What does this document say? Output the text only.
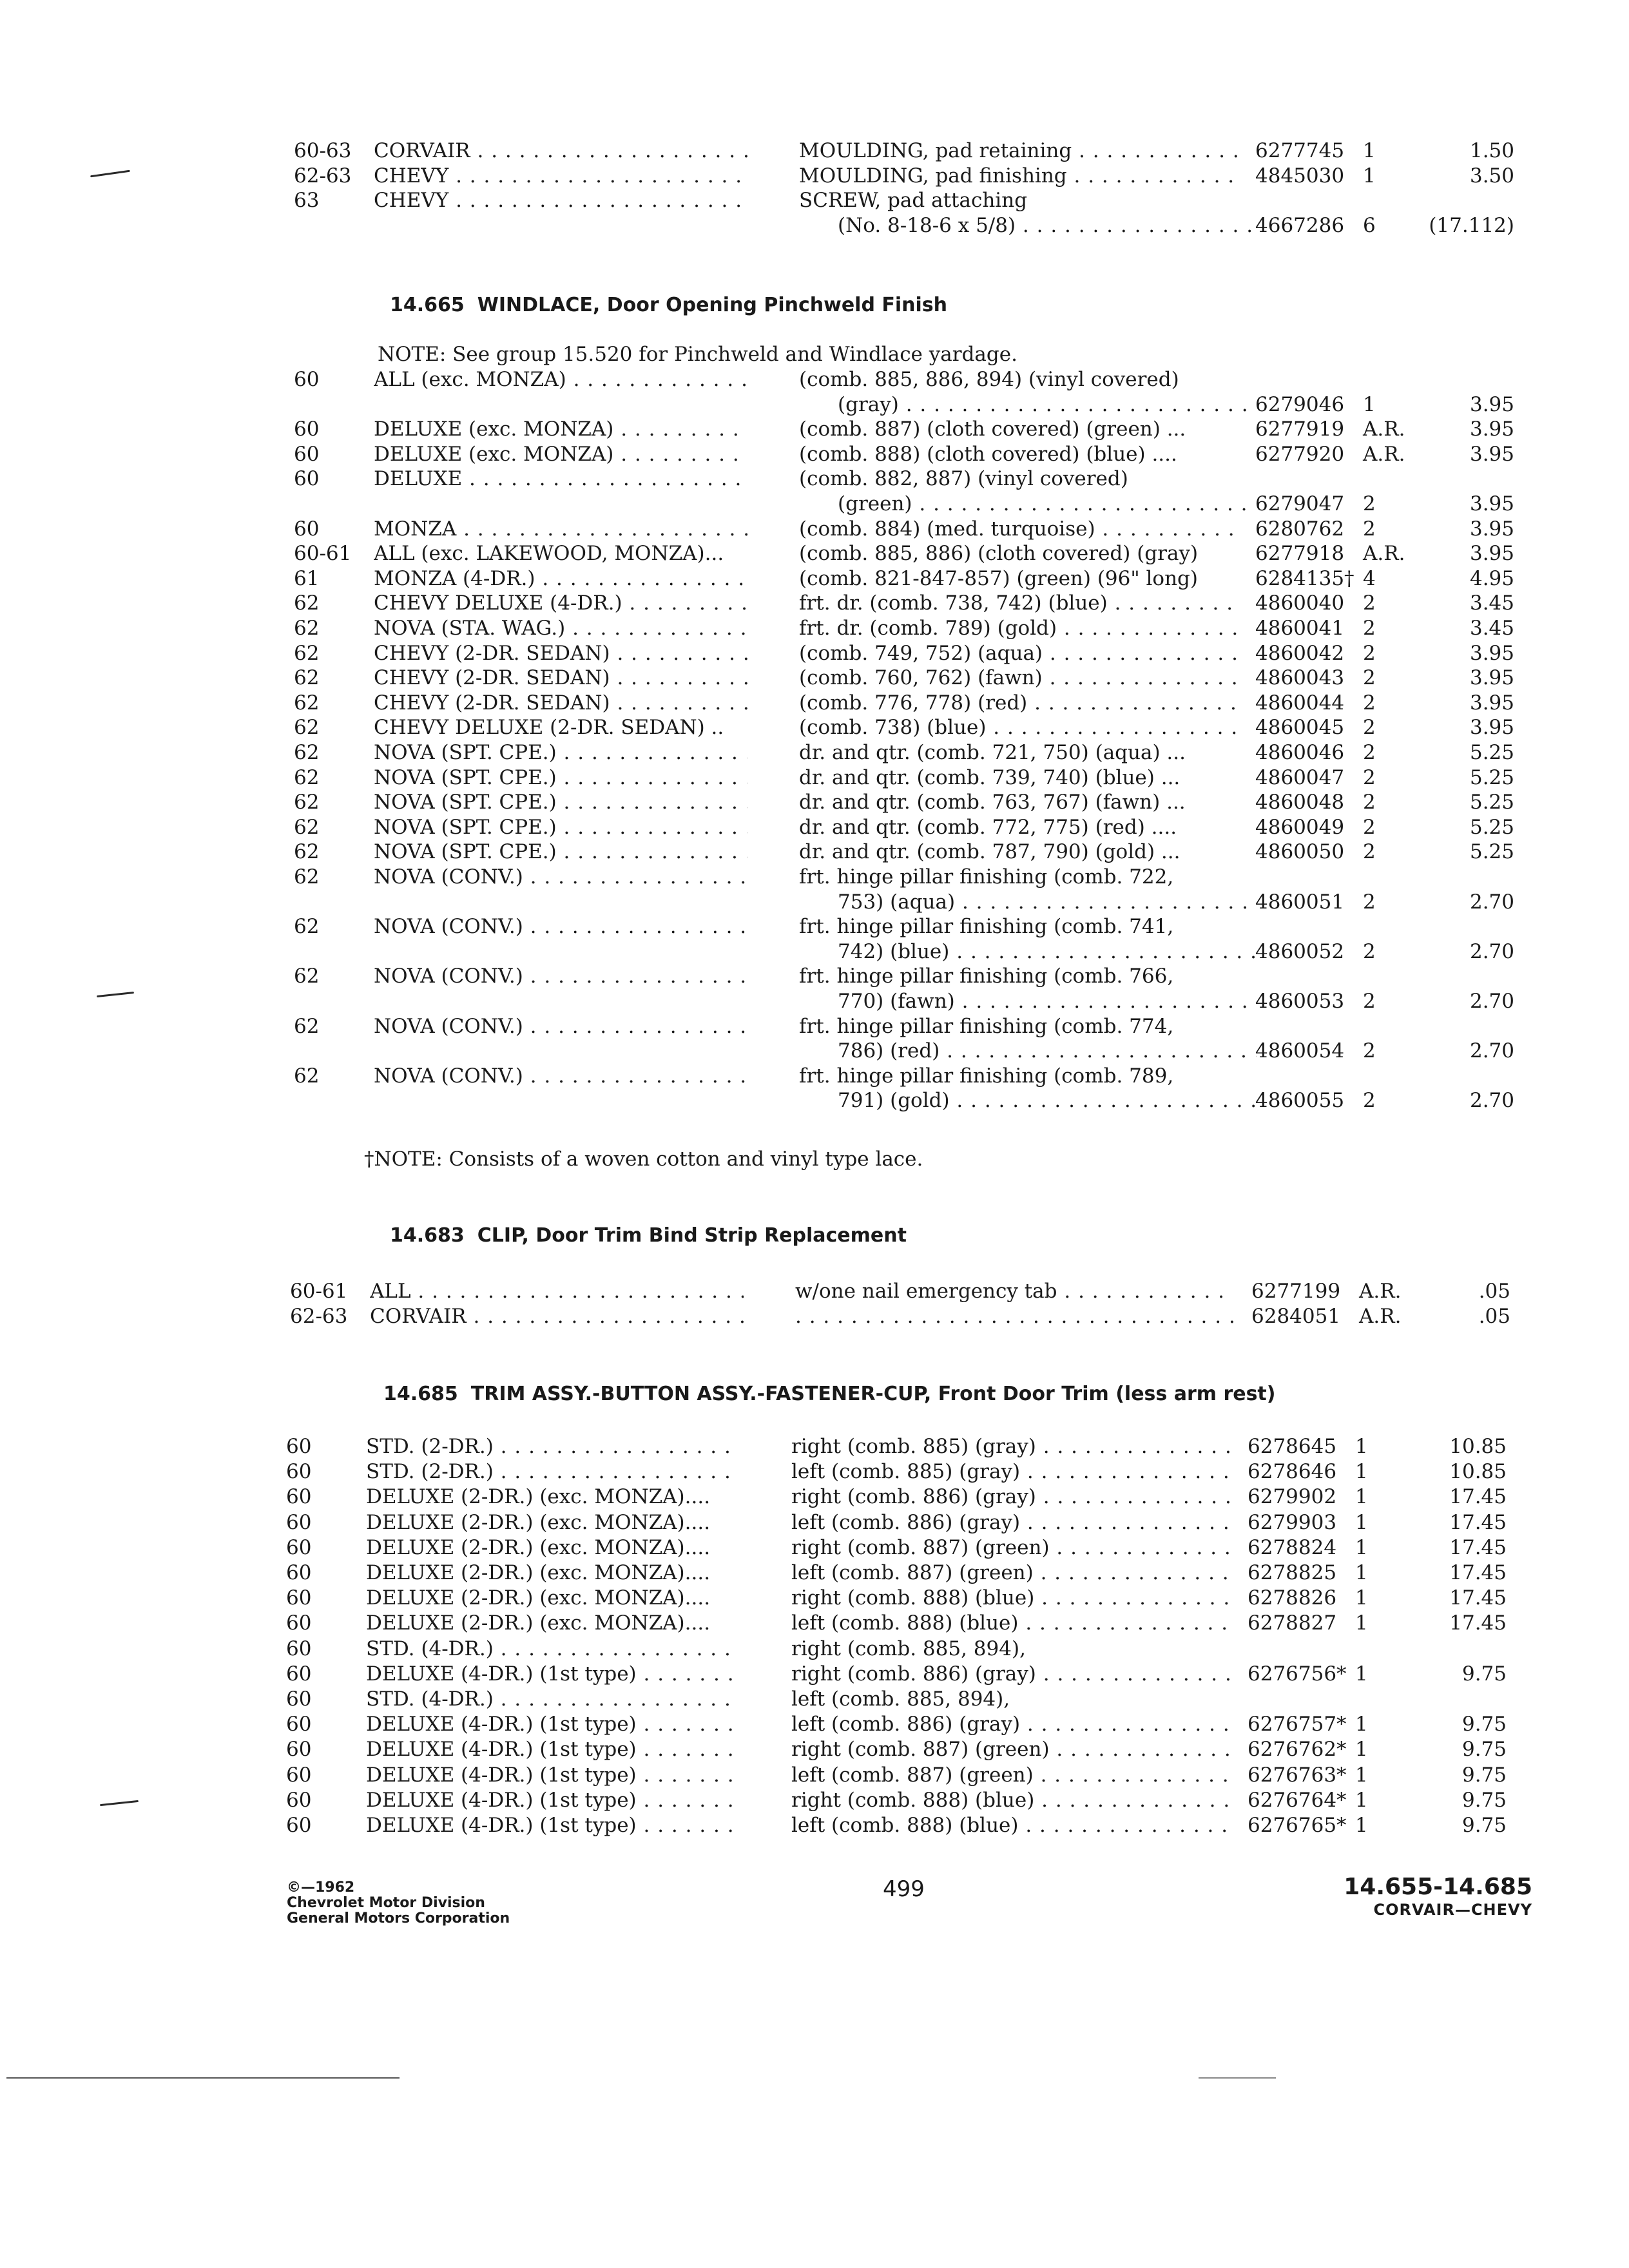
60-63 CORVAIR . . .	MOULDING, pad retaining . . .	6277745 1	1.50
62-63 CHEVY . . .	MOULDING, pad finishing . . .	4845030 1	3.50
63	CHEVY . . .	SCREW, pad attaching
(No. 8-18-6 x 5/8) . . .	4667286 6	(17.112)
14.665 WINDLACE, Door Opening Pinchweld Finish
NOTE: See group 15.520 for Pinchweld and Windlace yardage.
60	ALL (exc. MONZA) . . .	(comb. 885, 886, 894) (vinyl covered)
(gray) . . .	6279046 1	3.95
60	DELUXE (exc. MONZA) . . .	(comb. 887) (cloth covered) (green) ...	6277919 A.R.	3.95
60	DELUXE (exc. MONZA) . . .	(comb. 888) (cloth covered) (blue) ....	6277920 A.R.	3.95
60	DELUXE . . .	(comb. 882, 887) (vinyl covered)
(green) . . .	6279047 2	3.95
60	MONZA . . .	(comb. 884) (med. turquoise) . . .	6280762 2	3.95
60-61 ALL (exc. LAKEWOOD, MONZA)...	(comb. 885, 886) (cloth covered) (gray)	6277918 A.R.	3.95
61	MONZA (4-DR.) . . .	(comb. 821-847-857) (green) (96" long)	6284135† 4	4.95
62	CHEVY DELUXE (4-DR.) . . .	frt. dr. (comb. 738, 742) (blue) . . .	4860040 2	3.45
62	NOVA (STA. WAG.) . . .	frt. dr. (comb. 789) (gold) . . .	4860041 2	3.45
62	CHEVY (2-DR. SEDAN) . . .	(comb. 749, 752) (aqua) . . .	4860042 2	3.95
62	CHEVY (2-DR. SEDAN) . . .	(comb. 760, 762) (fawn) . . .	4860043 2	3.95
62	CHEVY (2-DR. SEDAN) . . .	(comb. 776, 778) (red) . . .	4860044 2	3.95
62	CHEVY DELUXE (2-DR. SEDAN) ..	(comb. 738) (blue) . . .	4860045 2	3.95
62	NOVA (SPT. CPE.) . . .	dr. and qtr. (comb. 721, 750) (aqua) ...	4860046 2	5.25
62	NOVA (SPT. CPE.) . . .	dr. and qtr. (comb. 739, 740) (blue) ...	4860047 2	5.25
62	NOVA (SPT. CPE.) . . .	dr. and qtr. (comb. 763, 767) (fawn) ...	4860048 2	5.25
62	NOVA (SPT. CPE.) . . .	dr. and qtr. (comb. 772, 775) (red) ....	4860049 2	5.25
62	NOVA (SPT. CPE.) . . .	dr. and qtr. (comb. 787, 790) (gold) ...	4860050 2	5.25
62	NOVA (CONV.) . . .	frt. hinge pillar finishing (comb. 722,
753) (aqua) . . .	4860051 2	2.70
62	NOVA (CONV.) . . .	frt. hinge pillar finishing (comb. 741,
742) (blue) . . .	4860052 2	2.70
62	NOVA (CONV.) . . .	frt. hinge pillar finishing (comb. 766,
770) (fawn) . . .	4860053 2	2.70
62	NOVA (CONV.) . . .	frt. hinge pillar finishing (comb. 774,
786) (red) . . .	4860054 2	2.70
62	NOVA (CONV.) . . .	frt. hinge pillar finishing (comb. 789,
791) (gold) . . .	4860055 2	2.70
†NOTE: Consists of a woven cotton and vinyl type lace.
14.683 CLIP, Door Trim Bind Strip Replacement
60-61 ALL . . .	w/one nail emergency tab . . .	6277199 A.R.	.05
62-63 CORVAIR . . .
. . .	6284051 A.R.	.05
14.685 TRIM ASSY.-BUTTON ASSY.-FASTENER-CUP, Front Door Trim (less arm rest)
60	STD. (2-DR.) . . .	right (comb. 885) (gray) . . .	6278645 1	10.85
60	STD. (2-DR.) . . .	left (comb. 885) (gray) . . .	6278646 1	10.85
60	DELUXE (2-DR.) (exc. MONZA)....	right (comb. 886) (gray) . . .	6279902 1	17.45
60	DELUXE (2-DR.) (exc. MONZA)....	left (comb. 886) (gray) . . .	6279903 1	17.45
60	DELUXE (2-DR.) (exc. MONZA)....	right (comb. 887) (green) . . .	6278824 1	17.45
60	DELUXE (2-DR.) (exc. MONZA)....	left (comb. 887) (green) . . .	6278825 1	17.45
60	DELUXE (2-DR.) (exc. MONZA)....	right (comb. 888) (blue) . . .	6278826 1	17.45
60	DELUXE (2-DR.) (exc. MONZA)....	left (comb. 888) (blue) . . .	6278827 1	17.45
60	STD. (4-DR.) . . .	right (comb. 885, 894),
60	DELUXE (4-DR.) (1st type) . . .	right (comb. 886) (gray) . . .	6276756* 1	9.75
60	STD. (4-DR.) . . .	left (comb. 885, 894),
60	DELUXE (4-DR.) (1st type) . . .	left (comb. 886) (gray) . . .	6276757* 1	9.75
60	DELUXE (4-DR.) (1st type) . . .	right (comb. 887) (green) . . .	6276762* 1	9.75
60	DELUXE (4-DR.) (1st type) . . .	left (comb. 887) (green) . . .	6276763* 1	9.75
60	DELUXE (4-DR.) (1st type) . . .	right (comb. 888) (blue) . . .	6276764* 1	9.75
60	DELUXE (4-DR.) (1st type) . . .	left (comb. 888) (blue) . . .	6276765* 1	9.75
©—1962
Chevrolet Motor Division
General Motors Corporation
499	14.655-14.685
CORVAIR—CHEVY
